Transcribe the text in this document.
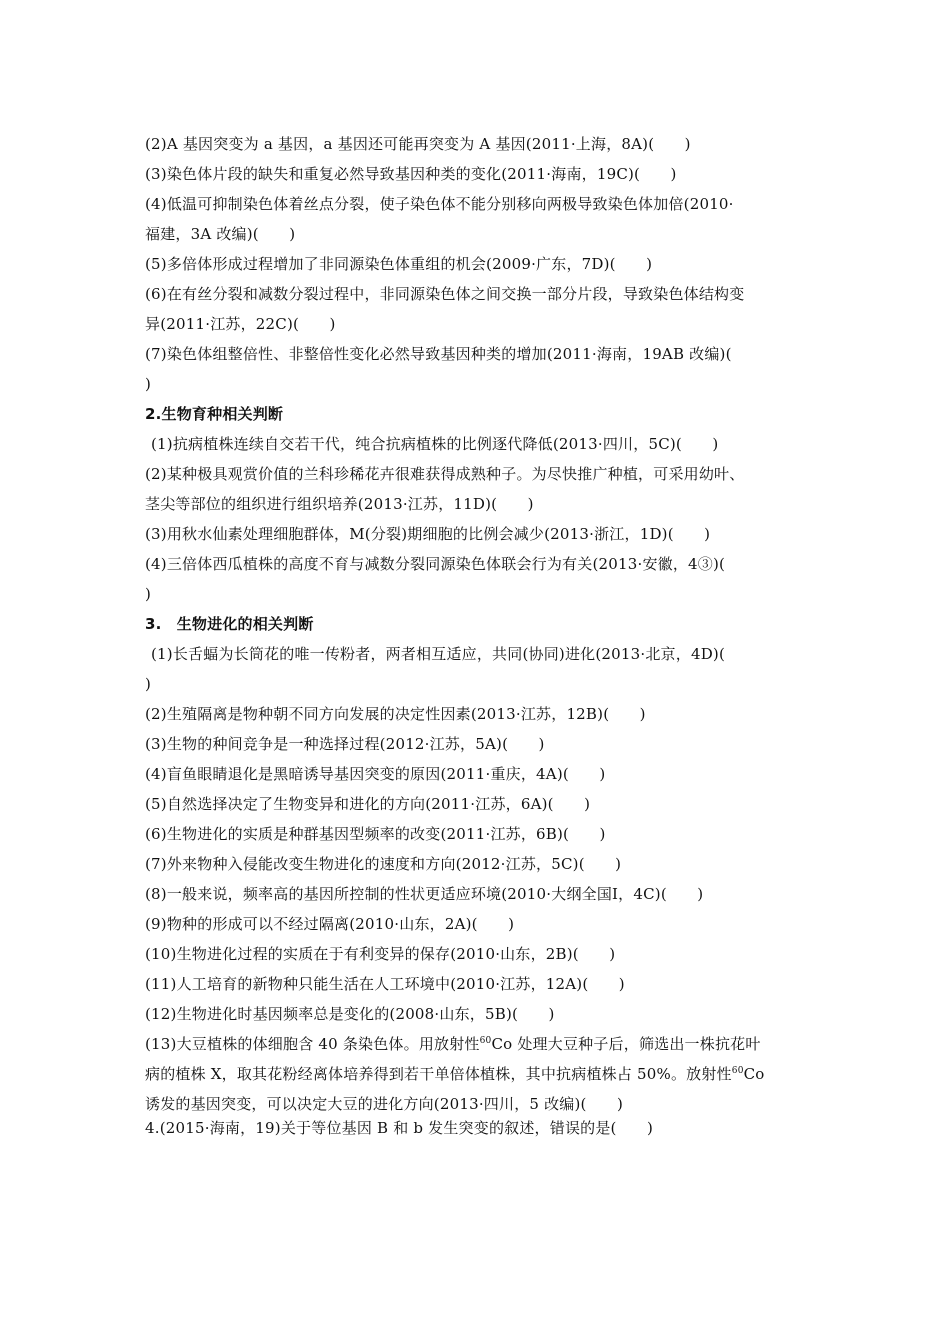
(2)A 基因突变为 a 基因，a 基因还可能再突变为 A 基因(2011·上海，8A)(　　)
(3)染色体片段的缺失和重复必然导致基因种类的变化(2011·海南，19C)(　　)
(4)低温可抑制染色体着丝点分裂，使子染色体不能分别移向两极导致染色体加倍(2010·
福建，3A 改编)(　　)
(5)多倍体形成过程增加了非同源染色体重组的机会(2009·广东，7D)(　　)
(6)在有丝分裂和减数分裂过程中，非同源染色体之间交换一部分片段，导致染色体结构变
异(2011·江苏，22C)(　　)
(7)染色体组整倍性、非整倍性变化必然导致基因种类的增加(2011·海南，19AB 改编)(
)
2.生物育种相关判断
(1)抗病植株连续自交若干代，纯合抗病植株的比例逐代降低(2013·四川，5C)(　　)
(2)某种极具观赏价值的兰科珍稀花卉很难获得成熟种子。为尽快推广种植，可采用幼叶、
茎尖等部位的组织进行组织培养(2013·江苏，11D)(　　)
(3)用秋水仙素处理细胞群体，M(分裂)期细胞的比例会减少(2013·浙江，1D)(　　)
(4)三倍体西瓜植株的高度不育与减数分裂同源染色体联会行为有关(2013·安徽，4③)(
)
3.　生物进化的相关判断
(1)长舌蝠为长筒花的唯一传粉者，两者相互适应，共同(协同)进化(2013·北京，4D)(
)
(2)生殖隔离是物种朝不同方向发展的决定性因素(2013·江苏，12B)(　　)
(3)生物的种间竞争是一种选择过程(2012·江苏，5A)(　　)
(4)盲鱼眼睛退化是黑暗诱导基因突变的原因(2011·重庆，4A)(　　)
(5)自然选择决定了生物变异和进化的方向(2011·江苏，6A)(　　)
(6)生物进化的实质是种群基因型频率的改变(2011·江苏，6B)(　　)
(7)外来物种入侵能改变生物进化的速度和方向(2012·江苏，5C)(　　)
(8)一般来说，频率高的基因所控制的性状更适应环境(2010·大纲全国Ⅰ，4C)(　　)
(9)物种的形成可以不经过隔离(2010·山东，2A)(　　)
(10)生物进化过程的实质在于有利变异的保存(2010·山东，2B)(　　)
(11)人工培育的新物种只能生活在人工环境中(2010·江苏，12A)(　　)
(12)生物进化时基因频率总是变化的(2008·山东，5B)(　　)
(13)大豆植株的体细胞含 40 条染色体。用放射性$^{60}$Co 处理大豆种子后，筛选出一株抗花叶
病的植株 X，取其花粉经离体培养得到若干单倍体植株，其中抗病植株占 50%。放射性$^{60}$Co
诱发的基因突变，可以决定大豆的进化方向(2013·四川，5 改编)(　　)
4.(2015·海南，19)关于等位基因 B 和 b 发生突变的叙述，错误的是(　　)
